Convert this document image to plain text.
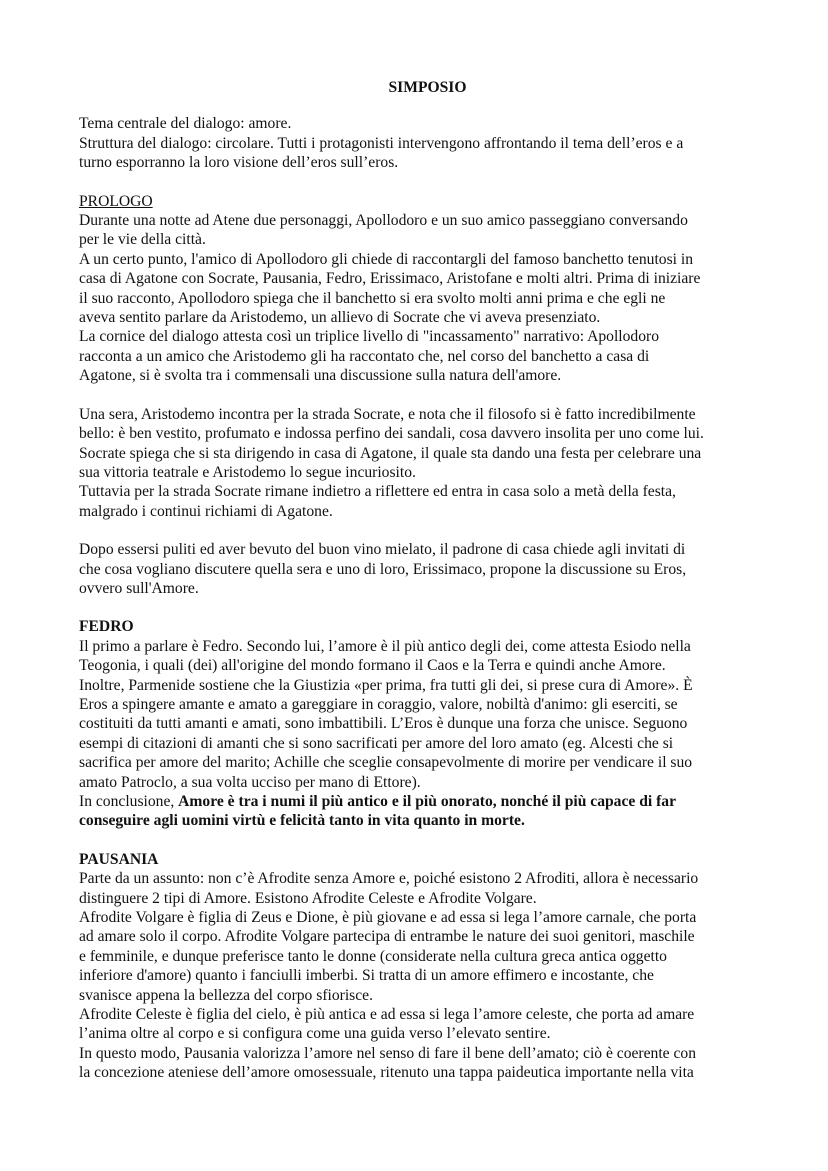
SIMPOSIO
Tema centrale del dialogo: amore.
Struttura del dialogo: circolare. Tutti i protagonisti intervengono affrontando il tema dell’eros e a
turno esporranno la loro visione dell’eros sull’eros.
PROLOGO
Durante una notte ad Atene due personaggi, Apollodoro e un suo amico passeggiano conversando
per le vie della città.
A un certo punto, l'amico di Apollodoro gli chiede di raccontargli del famoso banchetto tenutosi in
casa di Agatone con Socrate, Pausania, Fedro, Erissimaco, Aristofane e molti altri. Prima di iniziare
il suo racconto, Apollodoro spiega che il banchetto si era svolto molti anni prima e che egli ne
aveva sentito parlare da Aristodemo, un allievo di Socrate che vi aveva presenziato.
La cornice del dialogo attesta così un triplice livello di "incassamento" narrativo: Apollodoro
racconta a un amico che Aristodemo gli ha raccontato che, nel corso del banchetto a casa di
Agatone, si è svolta tra i commensali una discussione sulla natura dell'amore.
Una sera, Aristodemo incontra per la strada Socrate, e nota che il filosofo si è fatto incredibilmente
bello: è ben vestito, profumato e indossa perfino dei sandali, cosa davvero insolita per uno come lui.
Socrate spiega che si sta dirigendo in casa di Agatone, il quale sta dando una festa per celebrare una
sua vittoria teatrale e Aristodemo lo segue incuriosito.
Tuttavia per la strada Socrate rimane indietro a riflettere ed entra in casa solo a metà della festa,
malgrado i continui richiami di Agatone.
Dopo essersi puliti ed aver bevuto del buon vino mielato, il padrone di casa chiede agli invitati di
che cosa vogliano discutere quella sera e uno di loro, Erissimaco, propone la discussione su Eros,
ovvero sull'Amore.
FEDRO
Il primo a parlare è Fedro. Secondo lui, l’amore è il più antico degli dei, come attesta Esiodo nella
Teogonia, i quali (dei) all'origine del mondo formano il Caos e la Terra e quindi anche Amore.
Inoltre, Parmenide sostiene che la Giustizia «per prima, fra tutti gli dei, si prese cura di Amore». È
Eros a spingere amante e amato a gareggiare in coraggio, valore, nobiltà d'animo: gli eserciti, se
costituiti da tutti amanti e amati, sono imbattibili. L’Eros è dunque una forza che unisce. Seguono
esempi di citazioni di amanti che si sono sacrificati per amore del loro amato (eg. Alcesti che si
sacrifica per amore del marito; Achille che sceglie consapevolmente di morire per vendicare il suo
amato Patroclo, a sua volta ucciso per mano di Ettore).
In conclusione, Amore è tra i numi il più antico e il più onorato, nonché il più capace di far
conseguire agli uomini virtù e felicità tanto in vita quanto in morte.
PAUSANIA
Parte da un assunto: non c’è Afrodite senza Amore e, poiché esistono 2 Afroditi, allora è necessario
distinguere 2 tipi di Amore. Esistono Afrodite Celeste e Afrodite Volgare.
Afrodite Volgare è figlia di Zeus e Dione, è più giovane e ad essa si lega l’amore carnale, che porta
ad amare solo il corpo. Afrodite Volgare partecipa di entrambe le nature dei suoi genitori, maschile
e femminile, e dunque preferisce tanto le donne (considerate nella cultura greca antica oggetto
inferiore d'amore) quanto i fanciulli imberbi. Si tratta di un amore effimero e incostante, che
svanisce appena la bellezza del corpo sfiorisce.
Afrodite Celeste è figlia del cielo, è più antica e ad essa si lega l’amore celeste, che porta ad amare
l’anima oltre al corpo e si configura come una guida verso l’elevato sentire.
In questo modo, Pausania valorizza l’amore nel senso di fare il bene dell’amato; ciò è coerente con
la concezione ateniese dell’amore omosessuale, ritenuto una tappa paideutica importante nella vita
